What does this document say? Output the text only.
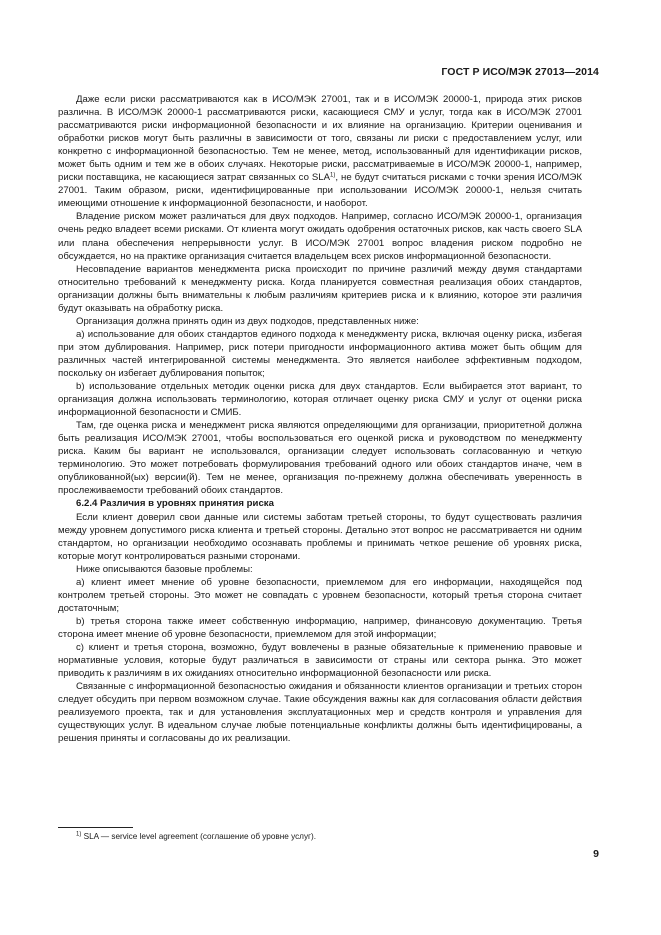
ГОСТ Р ИСО/МЭК 27013—2014

Даже если риски рассматриваются как в ИСО/МЭК 27001, так и в ИСО/МЭК 20000-1, природа этих рисков различна. В ИСО/МЭК 20000-1 рассматриваются риски, касающиеся СМУ и услуг, тогда как в ИСО/МЭК 27001 рассматриваются риски информационной безопасности и их влияние на организацию. Критерии оценивания и обработки рисков могут быть различны в зависимости от того, связаны ли риски с предоставлением услуг, или конкретно с информационной безопасностью. Тем не менее, метод, использованный для идентификации рисков, может быть одним и тем же в обоих случаях. Некоторые риски, рассматриваемые в ИСО/МЭК 20000-1, например, риски поставщика, не касающиеся затрат связанных со SLA$^{1)}$, не будут считаться рисками с точки зрения ИСО/МЭК 27001. Таким образом, риски, идентифицированные при использовании ИСО/МЭК 20000-1, нельзя считать имеющими отношение к информационной безопасности, и наоборот.

Владение риском может различаться для двух подходов. Например, согласно ИСО/МЭК 20000-1, организация очень редко владеет всеми рисками. От клиента могут ожидать одобрения остаточных рисков, как часть своего SLA или плана обеспечения непрерывности услуг. В ИСО/МЭК 27001 вопрос владения риском подробно не обсуждается, но на практике организация считается владельцем всех рисков информационной безопасности.

Несовпадение вариантов менеджмента риска происходит по причине различий между двумя стандартами относительно требований к менеджменту риска. Когда планируется совместная реализация обоих стандартов, организации должны быть внимательны к любым различиям критериев риска и к влиянию, которое эти различия будут оказывать на обработку риска.

Организация должна принять один из двух подходов, представленных ниже:

a) использование для обоих стандартов единого подхода к менеджменту риска, включая оценку риска, избегая при этом дублирования. Например, риск потери пригодности информационного актива может быть общим для различных частей интегрированной системы менеджмента. Это является наиболее эффективным подходом, поскольку он избегает дублирования попыток;

b) использование отдельных методик оценки риска для двух стандартов. Если выбирается этот вариант, то организация должна использовать терминологию, которая отличает оценку риска СМУ и услуг от оценки риска информационной безопасности и СМИБ.

Там, где оценка риска и менеджмент риска являются определяющими для организации, приоритетной должна быть реализация ИСО/МЭК 27001, чтобы воспользоваться его оценкой риска и руководством по менеджменту риска. Каким бы вариант не использовался, организации следует использовать согласованную и четкую терминологию. Это может потребовать формулирования требований одного или обоих стандартов иначе, чем в опубликованной(ых) версии(й). Тем не менее, организация по-прежнему должна обеспечивать уверенность в прослеживаемости требований обоих стандартов.

6.2.4 Различия в уровнях принятия риска

Если клиент доверил свои данные или системы заботам третьей стороны, то будут существовать различия между уровнем допустимого риска клиента и третьей стороны. Детально этот вопрос не рассматривается ни одним стандартом, но организации необходимо осознавать проблемы и принимать четкое решение об уровнях риска, которые могут контролироваться разными сторонами.

Ниже описываются базовые проблемы:

a) клиент имеет мнение об уровне безопасности, приемлемом для его информации, находящейся под контролем третьей стороны. Это может не совпадать с уровнем безопасности, который третья сторона считает достаточным;

b) третья сторона также имеет собственную информацию, например, финансовую документацию. Третья сторона имеет мнение об уровне безопасности, приемлемом для этой информации;

c) клиент и третья сторона, возможно, будут вовлечены в разные обязательные к применению правовые и нормативные условия, которые будут различаться в зависимости от страны или сектора рынка. Это может приводить к различиям в их ожиданиях относительно информационной безопасности или риска.

Связанные с информационной безопасностью ожидания и обязанности клиентов организации и третьих сторон следует обсудить при первом возможном случае. Такие обсуждения важны как для согласования области действия реализуемого проекта, так и для установления эксплуатационных мер и средств контроля и управления для существующих услуг. В идеальном случае любые потенциальные конфликты должны быть идентифицированы, а решения приняты и согласованы до их реализации.

$^{1)}$ SLA — service level agreement (соглашение об уровне услуг).
9
